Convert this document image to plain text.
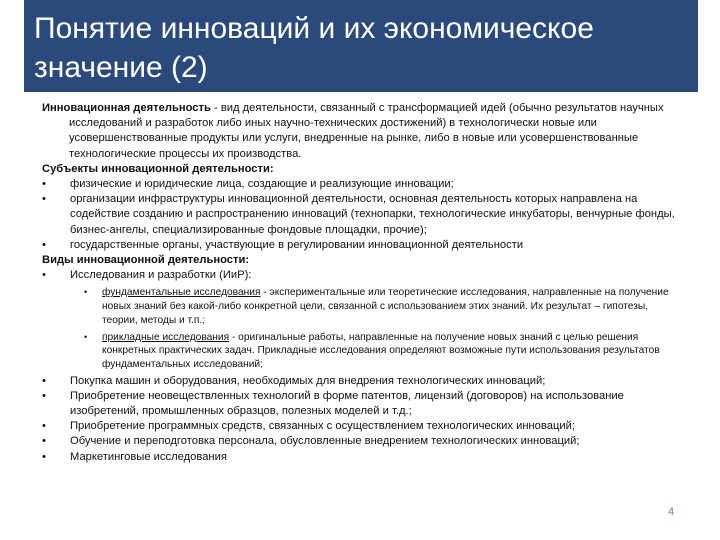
Понятие инноваций и их экономическое
значение (2)

Инновационная деятельность - вид деятельности, связанный с трансформацией идей (обычно результатов научных исследований и разработок либо иных научно-технических достижений) в технологически новые или усовершенствованные продукты или услуги, внедренные на рынке, либо в новые или усовершенствованные технологические процессы их производства.

Субъекты инновационной деятельности:

• физические и юридические лица, создающие и реализующие инновации;

• организации инфраструктуры инновационной деятельности, основная деятельность которых направлена на содействие созданию и распространению инноваций (технопарки, технологические инкубаторы, венчурные фонды, бизнес-ангелы, специализированные фондовые площадки, прочие);

• государственные органы, участвующие в регулировании инновационной деятельности

Виды инновационной деятельности:

• Исследования и разработки (ИиР):

• фундаментальные исследования - экспериментальные или теоретические исследования, направленные на получение новых знаний без какой-либо конкретной цели, связанной с использованием этих знаний. Их результат – гипотезы, теории, методы и т.п.;

• прикладные исследования - оригинальные работы, направленные на получение новых знаний с целью решения конкретных практических задач. Прикладные исследования определяют возможные пути использования результатов фундаментальных исследований;

• Покупка машин и оборудования, необходимых для внедрения технологических инноваций;

• Приобретение неовеществленных технологий в форме патентов, лицензий (договоров) на использование изобретений, промышленных образцов, полезных моделей и т.д.;

• Приобретение программных средств, связанных с осуществлением технологических инноваций;

• Обучение и переподготовка персонала, обусловленные внедрением технологических инноваций;

• Маркетинговые исследования

4
